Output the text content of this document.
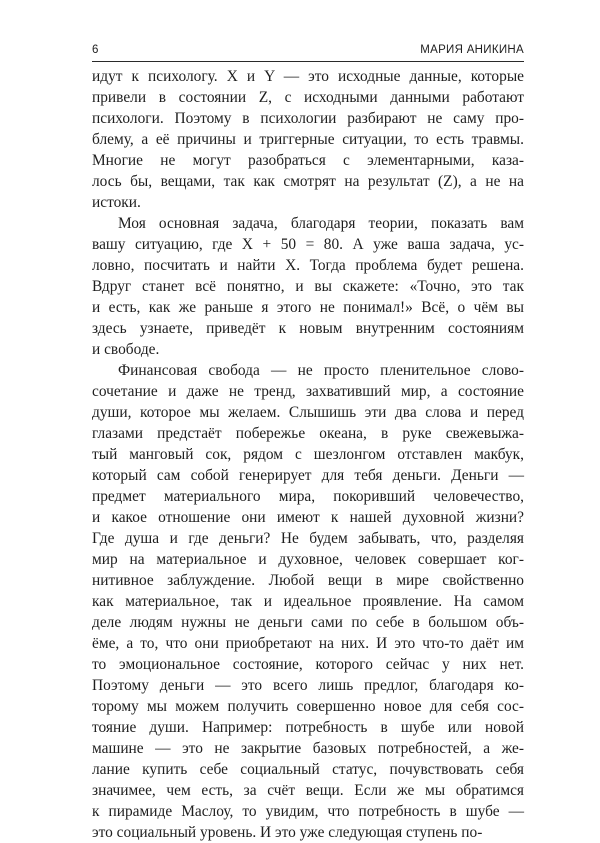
6	МАРИЯ АНИКИНА
идут к психологу. X и Y — это исходные данные, которые
привели в состоянии Z, с исходными данными работают
психологи. Поэтому в психологии разбирают не саму про-
блему, а её причины и триггерные ситуации, то есть травмы.
Многие не могут разобраться с элементарными, каза-
лось бы, вещами, так как смотрят на результат (Z), а не на
истоки.
Моя основная задача, благодаря теории, показать вам
вашу ситуацию, где X + 50 = 80. А уже ваша задача, ус-
ловно, посчитать и найти X. Тогда проблема будет решена.
Вдруг станет всё понятно, и вы скажете: «Точно, это так
и есть, как же раньше я этого не понимал!» Всё, о чём вы
здесь узнаете, приведёт к новым внутренним состояниям
и свободе.
Финансовая свобода — не просто пленительное слово-
сочетание и даже не тренд, захвативший мир, а состояние
души, которое мы желаем. Слышишь эти два слова и перед
глазами предстаёт побережье океана, в руке свежевыжа-
тый манговый сок, рядом с шезлонгом отставлен макбук,
который сам собой генерирует для тебя деньги. Деньги —
предмет материального мира, покоривший человечество,
и какое отношение они имеют к нашей духовной жизни?
Где душа и где деньги? Не будем забывать, что, разделяя
мир на материальное и духовное, человек совершает ког-
нитивное заблуждение. Любой вещи в мире свойственно
как материальное, так и идеальное проявление. На самом
деле людям нужны не деньги сами по себе в большом объ-
ёме, а то, что они приобретают на них. И это что-то даёт им
то эмоциональное состояние, которого сейчас у них нет.
Поэтому деньги — это всего лишь предлог, благодаря ко-
торому мы можем получить совершенно новое для себя сос-
тояние души. Например: потребность в шубе или новой
машине — это не закрытие базовых потребностей, а же-
лание купить себе социальный статус, почувствовать себя
значимее, чем есть, за счёт вещи. Если же мы обратимся
к пирамиде Маслоу, то увидим, что потребность в шубе —
это социальный уровень. И это уже следующая ступень по-
